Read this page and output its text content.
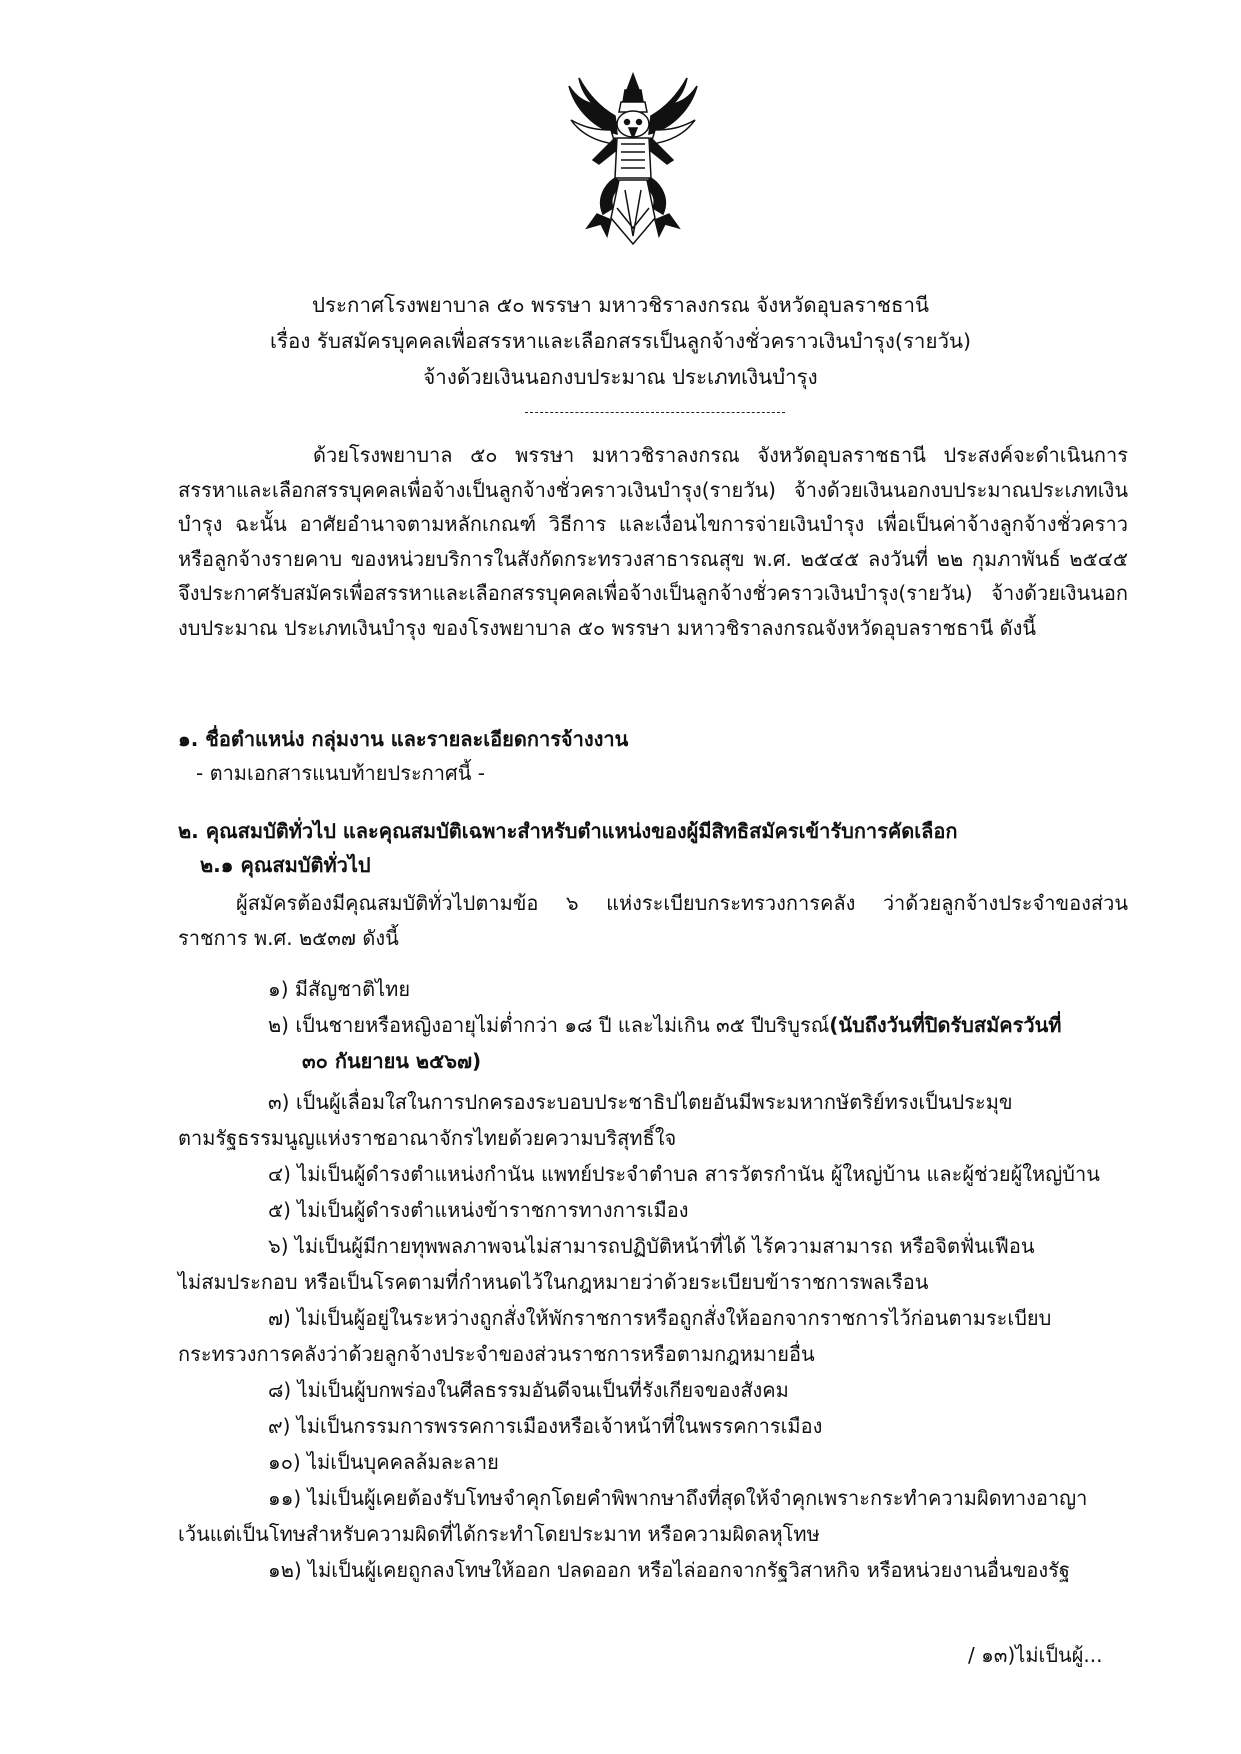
ประกาศโรงพยาบาล ๕๐ พรรษา มหาวชิราลงกรณ จังหวัดอุบลราชธานี
เรื่อง รับสมัครบุคคลเพื่อสรรหาและเลือกสรรเป็นลูกจ้างชั่วคราวเงินบำรุง(รายวัน)
จ้างด้วยเงินนอกงบประมาณ ประเภทเงินบำรุง
ด้วยโรงพยาบาล ๕๐ พรรษา มหาวชิราลงกรณ จังหวัดอุบลราชธานี ประสงค์จะดำเนินการสรรหาและเลือกสรรบุคคลเพื่อจ้างเป็นลูกจ้างชั่วคราวเงินบำรุง(รายวัน) จ้างด้วยเงินนอกงบประมาณประเภทเงินบำรุง ฉะนั้น อาศัยอำนาจตามหลักเกณฑ์ วิธีการ และเงื่อนไขการจ่ายเงินบำรุง เพื่อเป็นค่าจ้างลูกจ้างชั่วคราวหรือลูกจ้างรายคาบ ของหน่วยบริการในสังกัดกระทรวงสาธารณสุข พ.ศ. ๒๕๔๕ ลงวันที่ ๒๒ กุมภาพันธ์ ๒๕๔๕ จึงประกาศรับสมัครเพื่อสรรหาและเลือกสรรบุคคลเพื่อจ้างเป็นลูกจ้างชั่วคราวเงินบำรุง(รายวัน) จ้างด้วยเงินนอกงบประมาณ ประเภทเงินบำรุง ของโรงพยาบาล ๕๐ พรรษา มหาวชิราลงกรณจังหวัดอุบลราชธานี ดังนี้
๑. ชื่อตำแหน่ง กลุ่มงาน และรายละเอียดการจ้างงาน
- ตามเอกสารแนบท้ายประกาศนี้ -
๒. คุณสมบัติทั่วไป และคุณสมบัติเฉพาะสำหรับตำแหน่งของผู้มีสิทธิสมัครเข้ารับการคัดเลือก
๒.๑ คุณสมบัติทั่วไป
ผู้สมัครต้องมีคุณสมบัติทั่วไปตามข้อ ๖ แห่งระเบียบกระทรวงการคลัง ว่าด้วยลูกจ้างประจำของส่วนราชการ พ.ศ. ๒๕๓๗ ดังนี้
๑) มีสัญชาติไทย
๒) เป็นชายหรือหญิงอายุไม่ต่ำกว่า ๑๘ ปี และไม่เกิน ๓๕ ปีบริบูรณ์(นับถึงวันที่ปิดรับสมัครวันที่
๓๐ กันยายน ๒๕๖๗)
๓) เป็นผู้เลื่อมใสในการปกครองระบอบประชาธิปไตยอันมีพระมหากษัตริย์ทรงเป็นประมุข
ตามรัฐธรรมนูญแห่งราชอาณาจักรไทยด้วยความบริสุทธิ์ใจ
๔) ไม่เป็นผู้ดำรงตำแหน่งกำนัน แพทย์ประจำตำบล สารวัตรกำนัน ผู้ใหญ่บ้าน และผู้ช่วยผู้ใหญ่บ้าน
๕) ไม่เป็นผู้ดำรงตำแหน่งข้าราชการทางการเมือง
๖) ไม่เป็นผู้มีกายทุพพลภาพจนไม่สามารถปฏิบัติหน้าที่ได้ ไร้ความสามารถ หรือจิตฟั่นเฟือน
ไม่สมประกอบ หรือเป็นโรคตามที่กำหนดไว้ในกฎหมายว่าด้วยระเบียบข้าราชการพลเรือน
๗) ไม่เป็นผู้อยู่ในระหว่างถูกสั่งให้พักราชการหรือถูกสั่งให้ออกจากราชการไว้ก่อนตามระเบียบ
กระทรวงการคลังว่าด้วยลูกจ้างประจำของส่วนราชการหรือตามกฎหมายอื่น
๘) ไม่เป็นผู้บกพร่องในศีลธรรมอันดีจนเป็นที่รังเกียจของสังคม
๙) ไม่เป็นกรรมการพรรคการเมืองหรือเจ้าหน้าที่ในพรรคการเมือง
๑๐) ไม่เป็นบุคคลล้มละลาย
๑๑) ไม่เป็นผู้เคยต้องรับโทษจำคุกโดยคำพิพากษาถึงที่สุดให้จำคุกเพราะกระทำความผิดทางอาญา
เว้นแต่เป็นโทษสำหรับความผิดที่ได้กระทำโดยประมาท หรือความผิดลหุโทษ
๑๒) ไม่เป็นผู้เคยถูกลงโทษให้ออก ปลดออก หรือไล่ออกจากรัฐวิสาหกิจ หรือหน่วยงานอื่นของรัฐ
/ ๑๓)ไม่เป็นผู้...
